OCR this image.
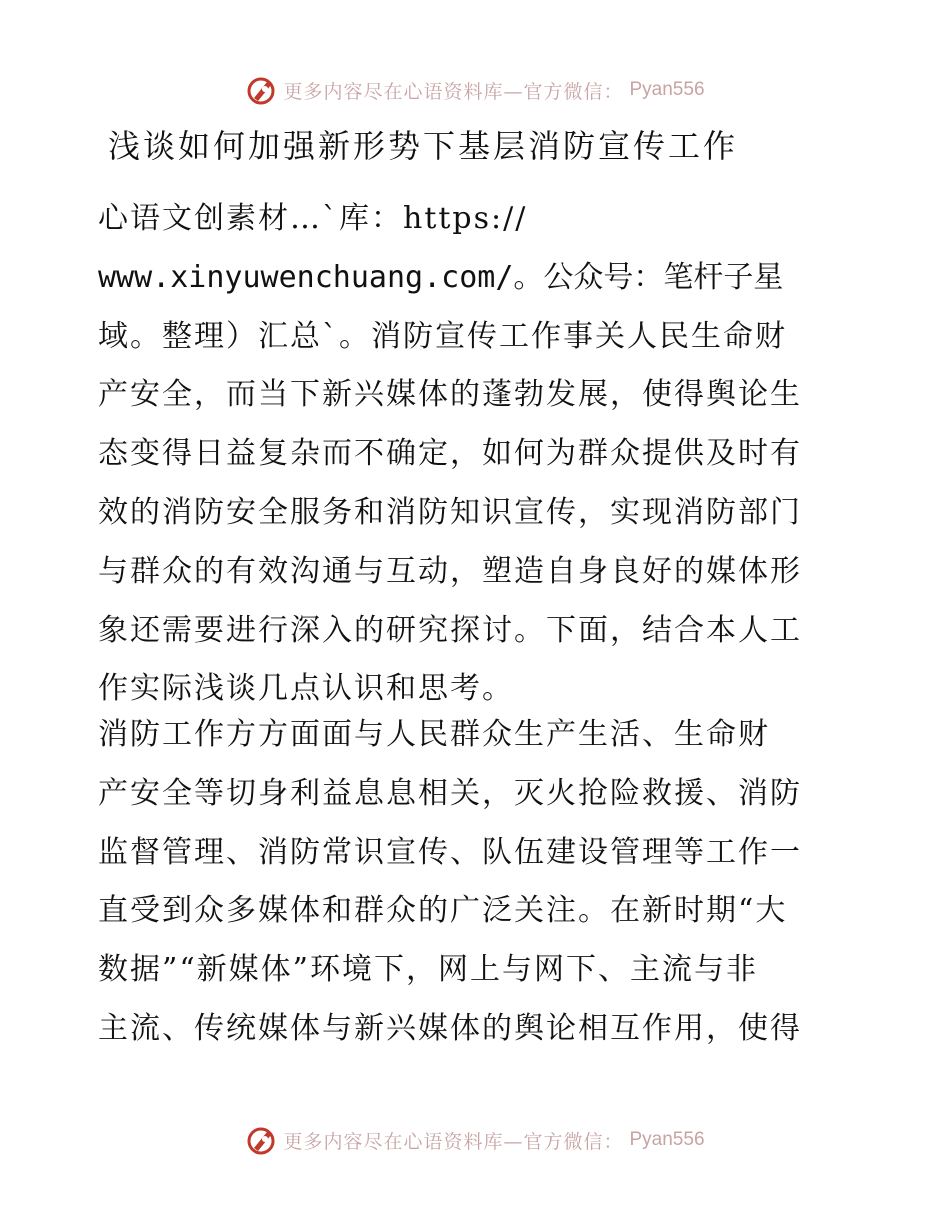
更多内容尽在心语资料库—官方微信： Pyan556
浅谈如何加强新形势下基层消防宣传工作
心语文创素材…`库：https://
www.xinyuwenchuang.com/。公众号：笔杆子星
域。整理）汇总`。消防宣传工作事关人民生命财
产安全，而当下新兴媒体的蓬勃发展，使得舆论生
态变得日益复杂而不确定，如何为群众提供及时有
效的消防安全服务和消防知识宣传，实现消防部门
与群众的有效沟通与互动，塑造自身良好的媒体形
象还需要进行深入的研究探讨。下面，结合本人工
作实际浅谈几点认识和思考。
消防工作方方面面与人民群众生产生活、生命财
产安全等切身利益息息相关，灭火抢险救援、消防
监督管理、消防常识宣传、队伍建设管理等工作一
直受到众多媒体和群众的广泛关注。在新时期“大
数据”“新媒体”环境下，网上与网下、主流与非
主流、传统媒体与新兴媒体的舆论相互作用，使得
更多内容尽在心语资料库—官方微信： Pyan556
